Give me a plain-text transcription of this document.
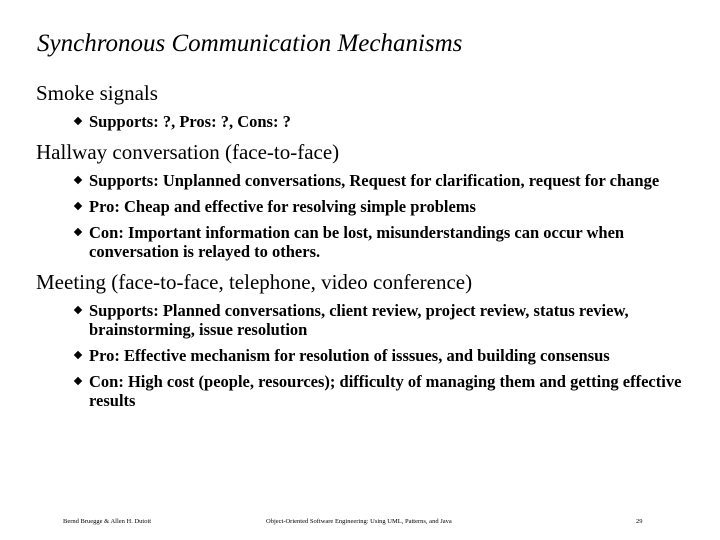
Synchronous Communication Mechanisms
Smoke signals
Supports: ?, Pros: ?, Cons: ?
Hallway conversation (face-to-face)
Supports: Unplanned conversations, Request for clarification, request for change
Pro: Cheap and effective for resolving simple problems
Con: Important information can be lost, misunderstandings can occur when conversation is relayed to others.
Meeting (face-to-face, telephone, video conference)
Supports: Planned conversations, client review, project review, status review, brainstorming, issue resolution
Pro: Effective mechanism for resolution of isssues, and building consensus
Con: High cost (people, resources); difficulty of managing them and getting effective results
Bernd Bruegge & Allen H. Dutoit	Object-Oriented Software Engineering: Using UML, Patterns, and Java	29
